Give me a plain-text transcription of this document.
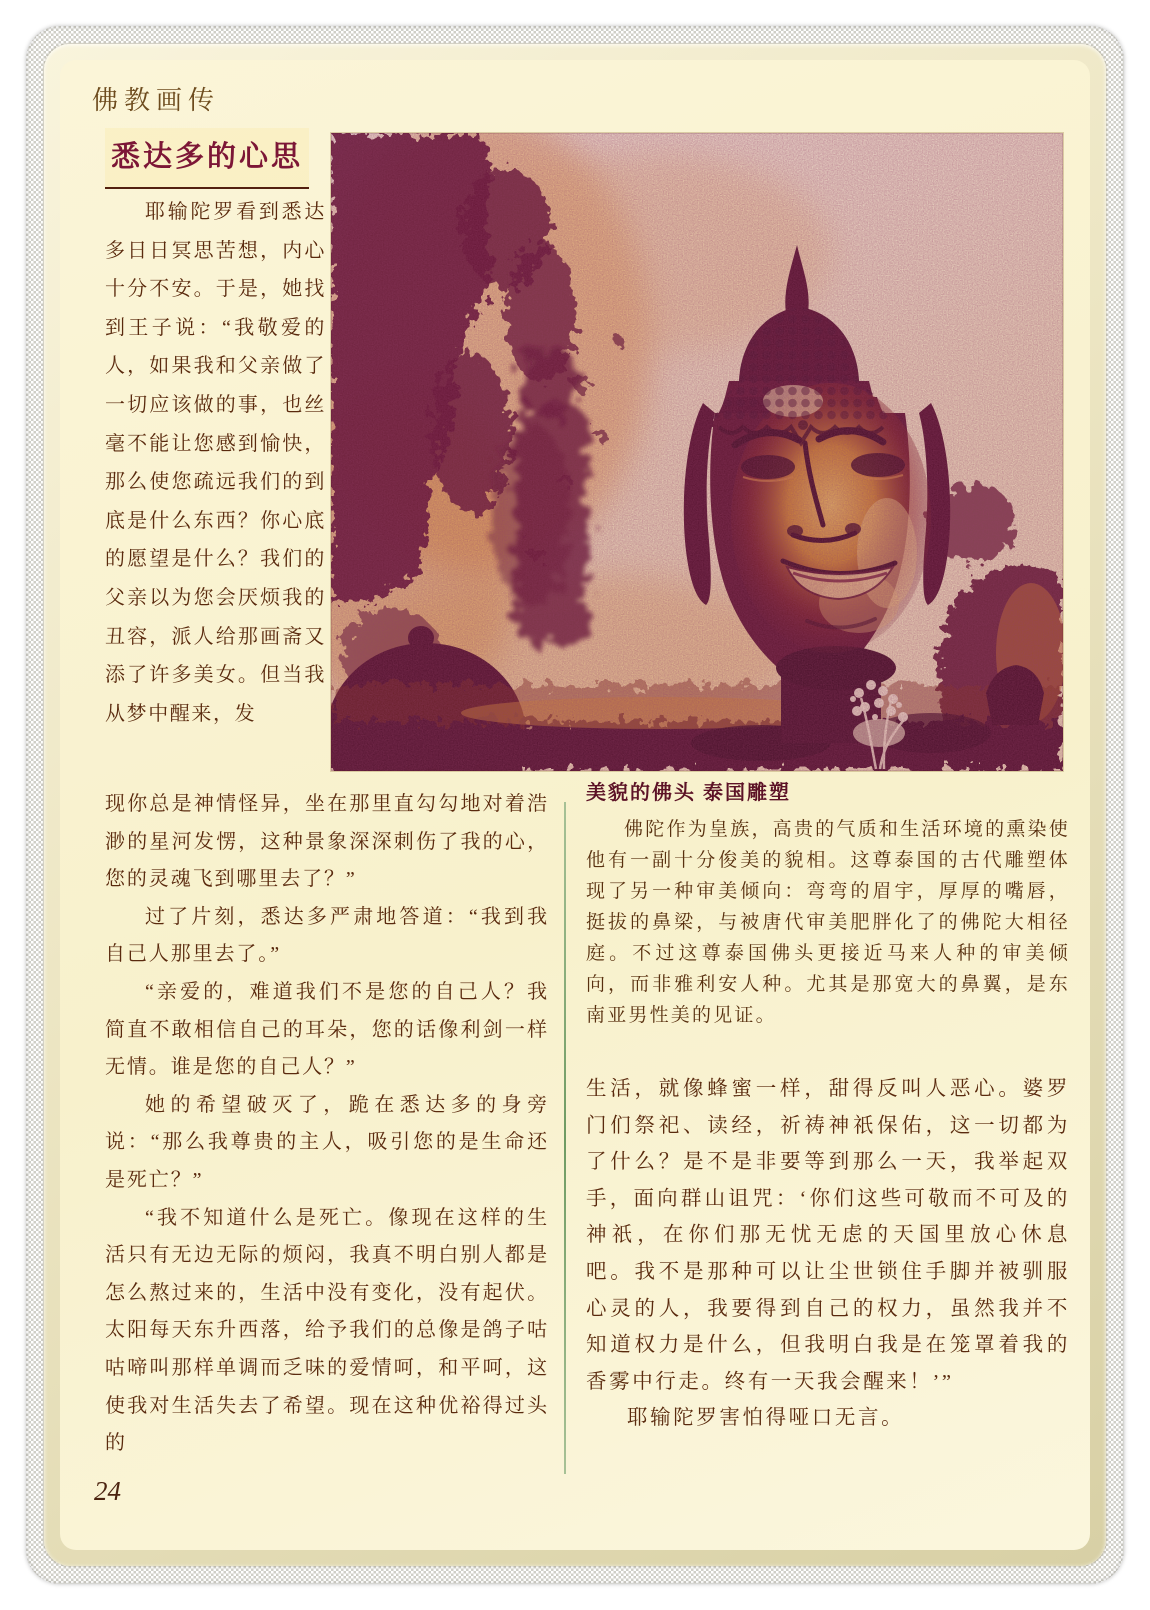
佛教画传
悉达多的心思
耶输陀罗看到悉达多日日冥思苦想，内心十分不安。于是，她找到王子说：“我敬爱的人，如果我和父亲做了一切应该做的事，也丝毫不能让您感到愉快，那么使您疏远我们的到底是什么东西？你心底的愿望是什么？我们的父亲以为您会厌烦我的丑容，派人给那画斋又添了许多美女。但当我从梦中醒来，发

现你总是神情怪异，坐在那里直勾勾地对着浩渺的星河发愣，这种景象深深刺伤了我的心，您的灵魂飞到哪里去了？”

过了片刻，悉达多严肃地答道：“我到我自己人那里去了。”

“亲爱的，难道我们不是您的自己人？我简直不敢相信自己的耳朵，您的话像利剑一样无情。谁是您的自己人？”

她的希望破灭了，跪在悉达多的身旁说：“那么我尊贵的主人，吸引您的是生命还是死亡？”

“我不知道什么是死亡。像现在这样的生活只有无边无际的烦闷，我真不明白别人都是怎么熬过来的，生活中没有变化，没有起伏。太阳每天东升西落，给予我们的总像是鸽子咕咕啼叫那样单调而乏味的爱情呵，和平呵，这使我对生活失去了希望。现在这种优裕得过头的

美貌的佛头 泰国雕塑
佛陀作为皇族，高贵的气质和生活环境的熏染使他有一副十分俊美的貌相。这尊泰国的古代雕塑体现了另一种审美倾向：弯弯的眉宇，厚厚的嘴唇，挺拔的鼻梁，与被唐代审美肥胖化了的佛陀大相径庭。不过这尊泰国佛头更接近马来人种的审美倾向，而非雅利安人种。尤其是那宽大的鼻翼，是东南亚男性美的见证。

生活，就像蜂蜜一样，甜得反叫人恶心。婆罗门们祭祀、读经，祈祷神祇保佑，这一切都为了什么？是不是非要等到那么一天，我举起双手，面向群山诅咒：‘你们这些可敬而不可及的神祇，在你们那无忧无虑的天国里放心休息吧。我不是那种可以让尘世锁住手脚并被驯服心灵的人，我要得到自己的权力，虽然我并不知道权力是什么，但我明白我是在笼罩着我的香雾中行走。终有一天我会醒来！’”

耶输陀罗害怕得哑口无言。

24
